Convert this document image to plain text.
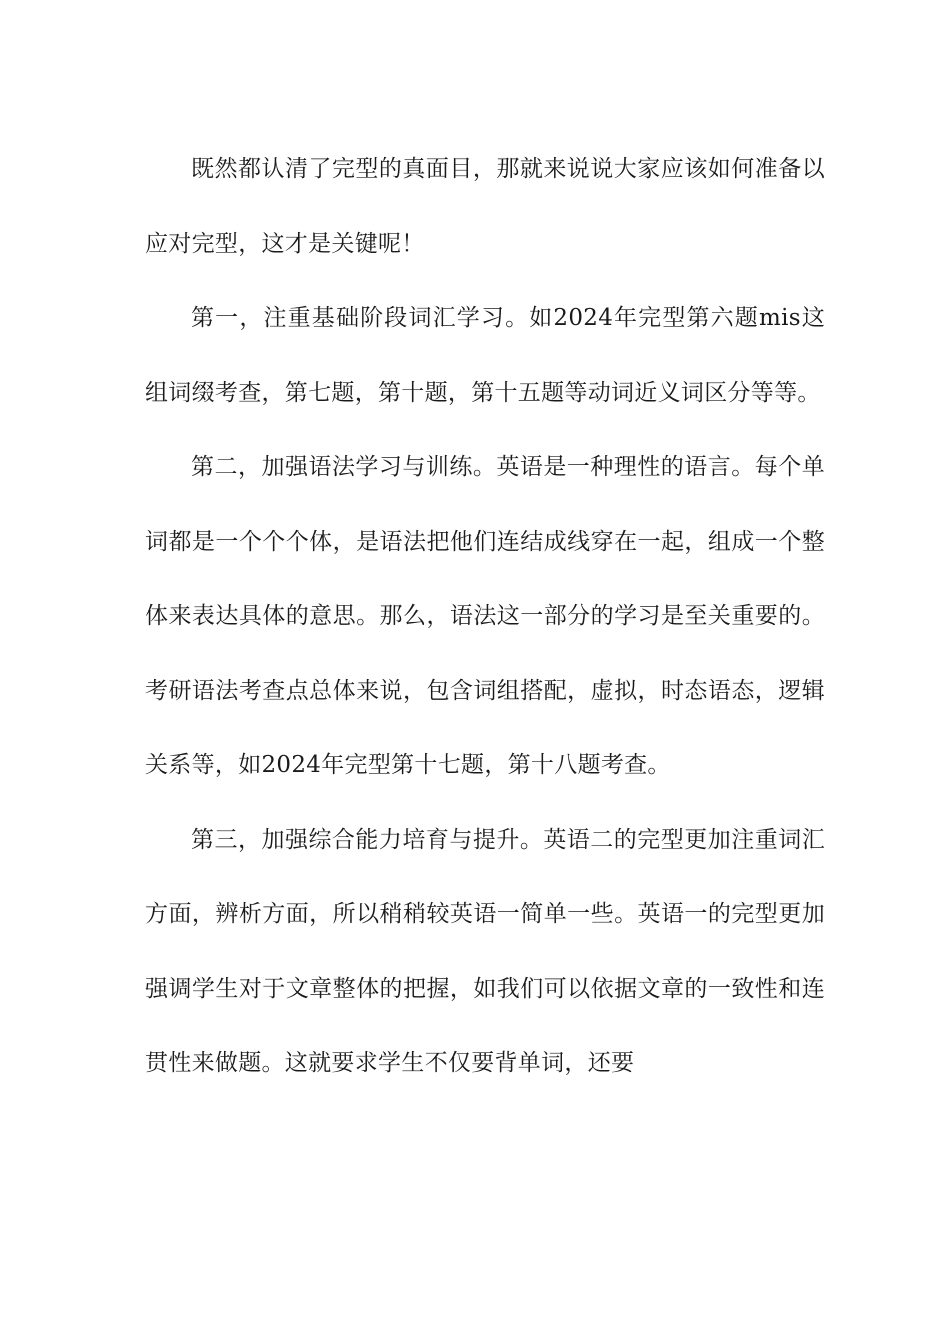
既然都认清了完型的真面目，那就来说说大家应该如何准备以应对完型，这才是关键呢！

第一，注重基础阶段词汇学习。如2024年完型第六题mis这组词缀考查，第七题，第十题，第十五题等动词近义词区分等等。

第二，加强语法学习与训练。英语是一种理性的语言。每个单词都是一个个个体，是语法把他们连结成线穿在一起，组成一个整体来表达具体的意思。那么，语法这一部分的学习是至关重要的。考研语法考查点总体来说，包含词组搭配，虚拟，时态语态，逻辑关系等，如2024年完型第十七题，第十八题考查。

第三，加强综合能力培育与提升。英语二的完型更加注重词汇方面，辨析方面，所以稍稍较英语一简单一些。英语一的完型更加强调学生对于文章整体的把握，如我们可以依据文章的一致性和连贯性来做题。这就要求学生不仅要背单词，还要
